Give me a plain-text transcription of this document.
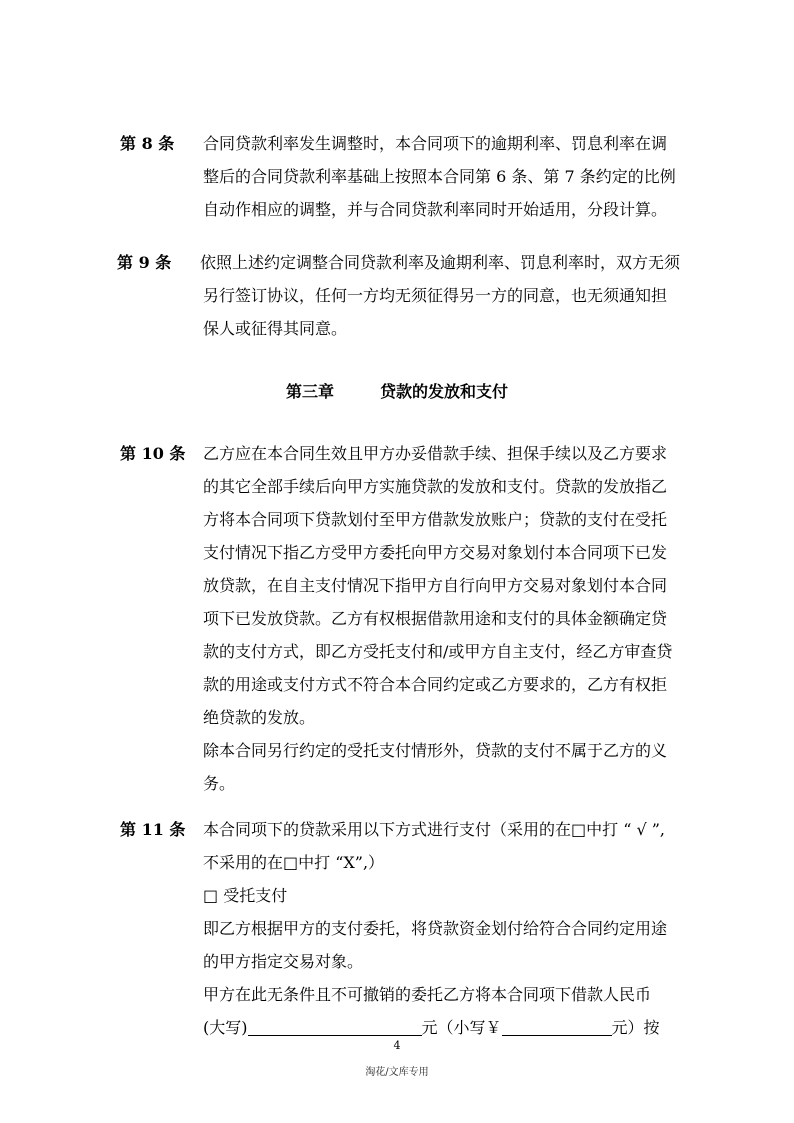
第 8 条 合同贷款利率发生调整时，本合同项下的逾期利率、罚息利率在调

整后的合同贷款利率基础上按照本合同第 6 条、第 7 条约定的比例

自动作相应的调整，并与合同贷款利率同时开始适用，分段计算。

第 9 条 依照上述约定调整合同贷款利率及逾期利率、罚息利率时，双方无须

另行签订协议，任何一方均无须征得另一方的同意，也无须通知担

保人或征得其同意。

第三章	贷款的发放和支付
第 10 条 乙方应在本合同生效且甲方办妥借款手续、担保手续以及乙方要求

的其它全部手续后向甲方实施贷款的发放和支付。贷款的发放指乙

方将本合同项下贷款划付至甲方借款发放账户；贷款的支付在受托

支付情况下指乙方受甲方委托向甲方交易对象划付本合同项下已发

放贷款，在自主支付情况下指甲方自行向甲方交易对象划付本合同

项下已发放贷款。乙方有权根据借款用途和支付的具体金额确定贷

款的支付方式，即乙方受托支付和/或甲方自主支付，经乙方审查贷

款的用途或支付方式不符合本合同约定或乙方要求的，乙方有权拒

绝贷款的发放。

除本合同另行约定的受托支付情形外，贷款的支付不属于乙方的义

务。

第 11 条 本合同项下的贷款采用以下方式进行支付（采用的在□中打 “ √ ”,

不采用的在□中打 “X”,）

□ 受托支付

即乙方根据甲方的支付委托，将贷款资金划付给符合合同约定用途

的甲方指定交易对象。

甲方在此无条件且不可撤销的委托乙方将本合同项下借款人民币

(大写)	元（小写￥	元）按

4
淘花/文库专用
